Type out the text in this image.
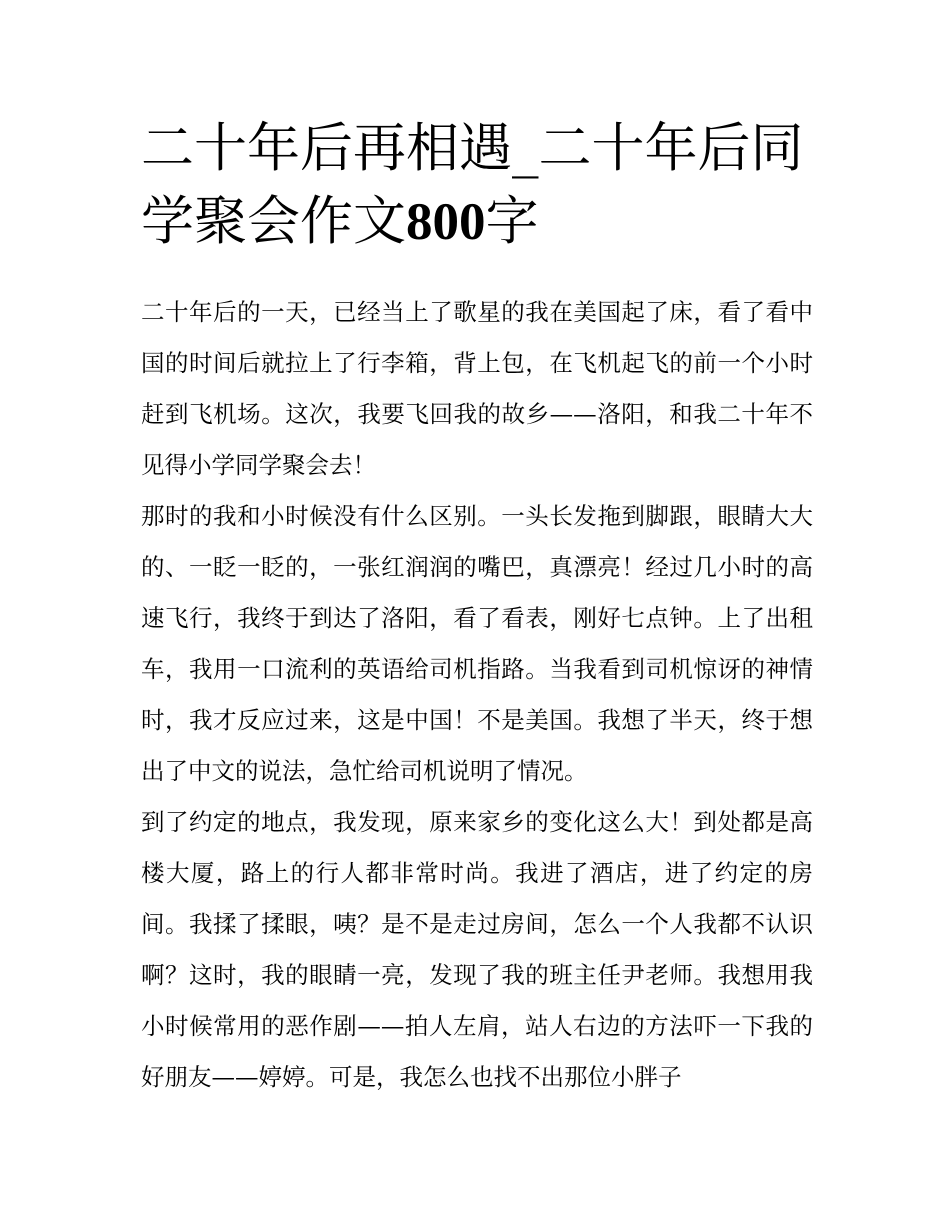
二十年后再相遇_二十年后同学聚会作文800字

二十年后的一天，已经当上了歌星的我在美国起了床，看了看中国的时间后就拉上了行李箱，背上包，在飞机起飞的前一个小时赶到飞机场。这次，我要飞回我的故乡——洛阳，和我二十年不见得小学同学聚会去！

那时的我和小时候没有什么区别。一头长发拖到脚跟，眼睛大大的、一眨一眨的，一张红润润的嘴巴，真漂亮！经过几小时的高速飞行，我终于到达了洛阳，看了看表，刚好七点钟。上了出租车，我用一口流利的英语给司机指路。当我看到司机惊讶的神情时，我才反应过来，这是中国！不是美国。我想了半天，终于想出了中文的说法，急忙给司机说明了情况。

到了约定的地点，我发现，原来家乡的变化这么大！到处都是高楼大厦，路上的行人都非常时尚。我进了酒店，进了约定的房间。我揉了揉眼，咦？是不是走过房间，怎么一个人我都不认识啊？这时，我的眼睛一亮，发现了我的班主任尹老师。我想用我小时候常用的恶作剧——拍人左肩，站人右边的方法吓一下我的好朋友——婷婷。可是，我怎么也找不出那位小胖子
